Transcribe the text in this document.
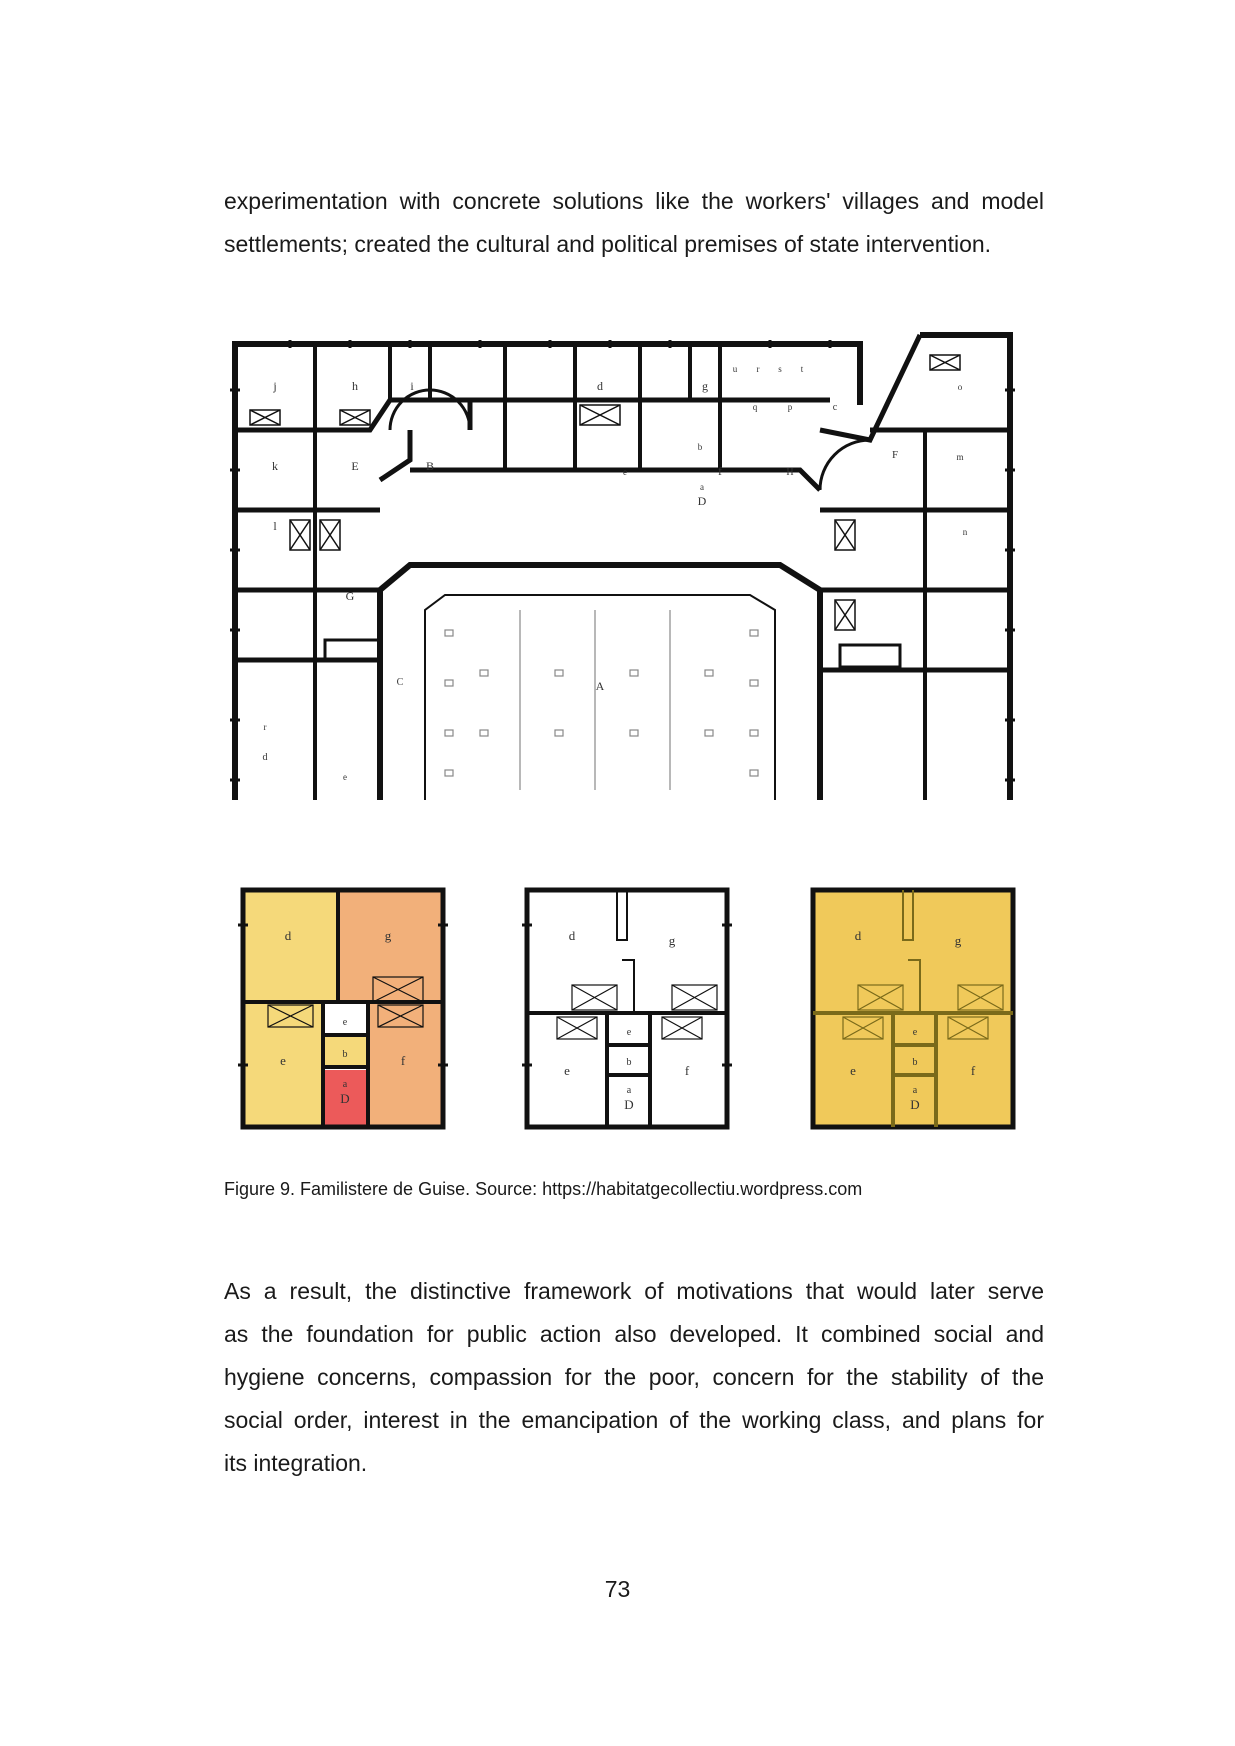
experimentation with concrete solutions like the workers' villages and model
settlements; created the cultural and political premises of state intervention.

j	h	i	d	g
u r s t
q	p	c
o
k	E	B
b
e	f
l
D
a
m
F
n
H
A
G
C
r
d
e
d	g
e	f
e
b
a
D
d	g
e	f
e
b
a
D
d	g
e	f
e
b
a
D

Figure 9. Familistere de Guise. Source: https://habitatgecollectiu.wordpress.com

As a result, the distinctive framework of motivations that would later serve
as the foundation for public action also developed. It combined social and
hygiene concerns, compassion for the poor, concern for the stability of the
social order, interest in the emancipation of the working class, and plans for
its integration.

73
